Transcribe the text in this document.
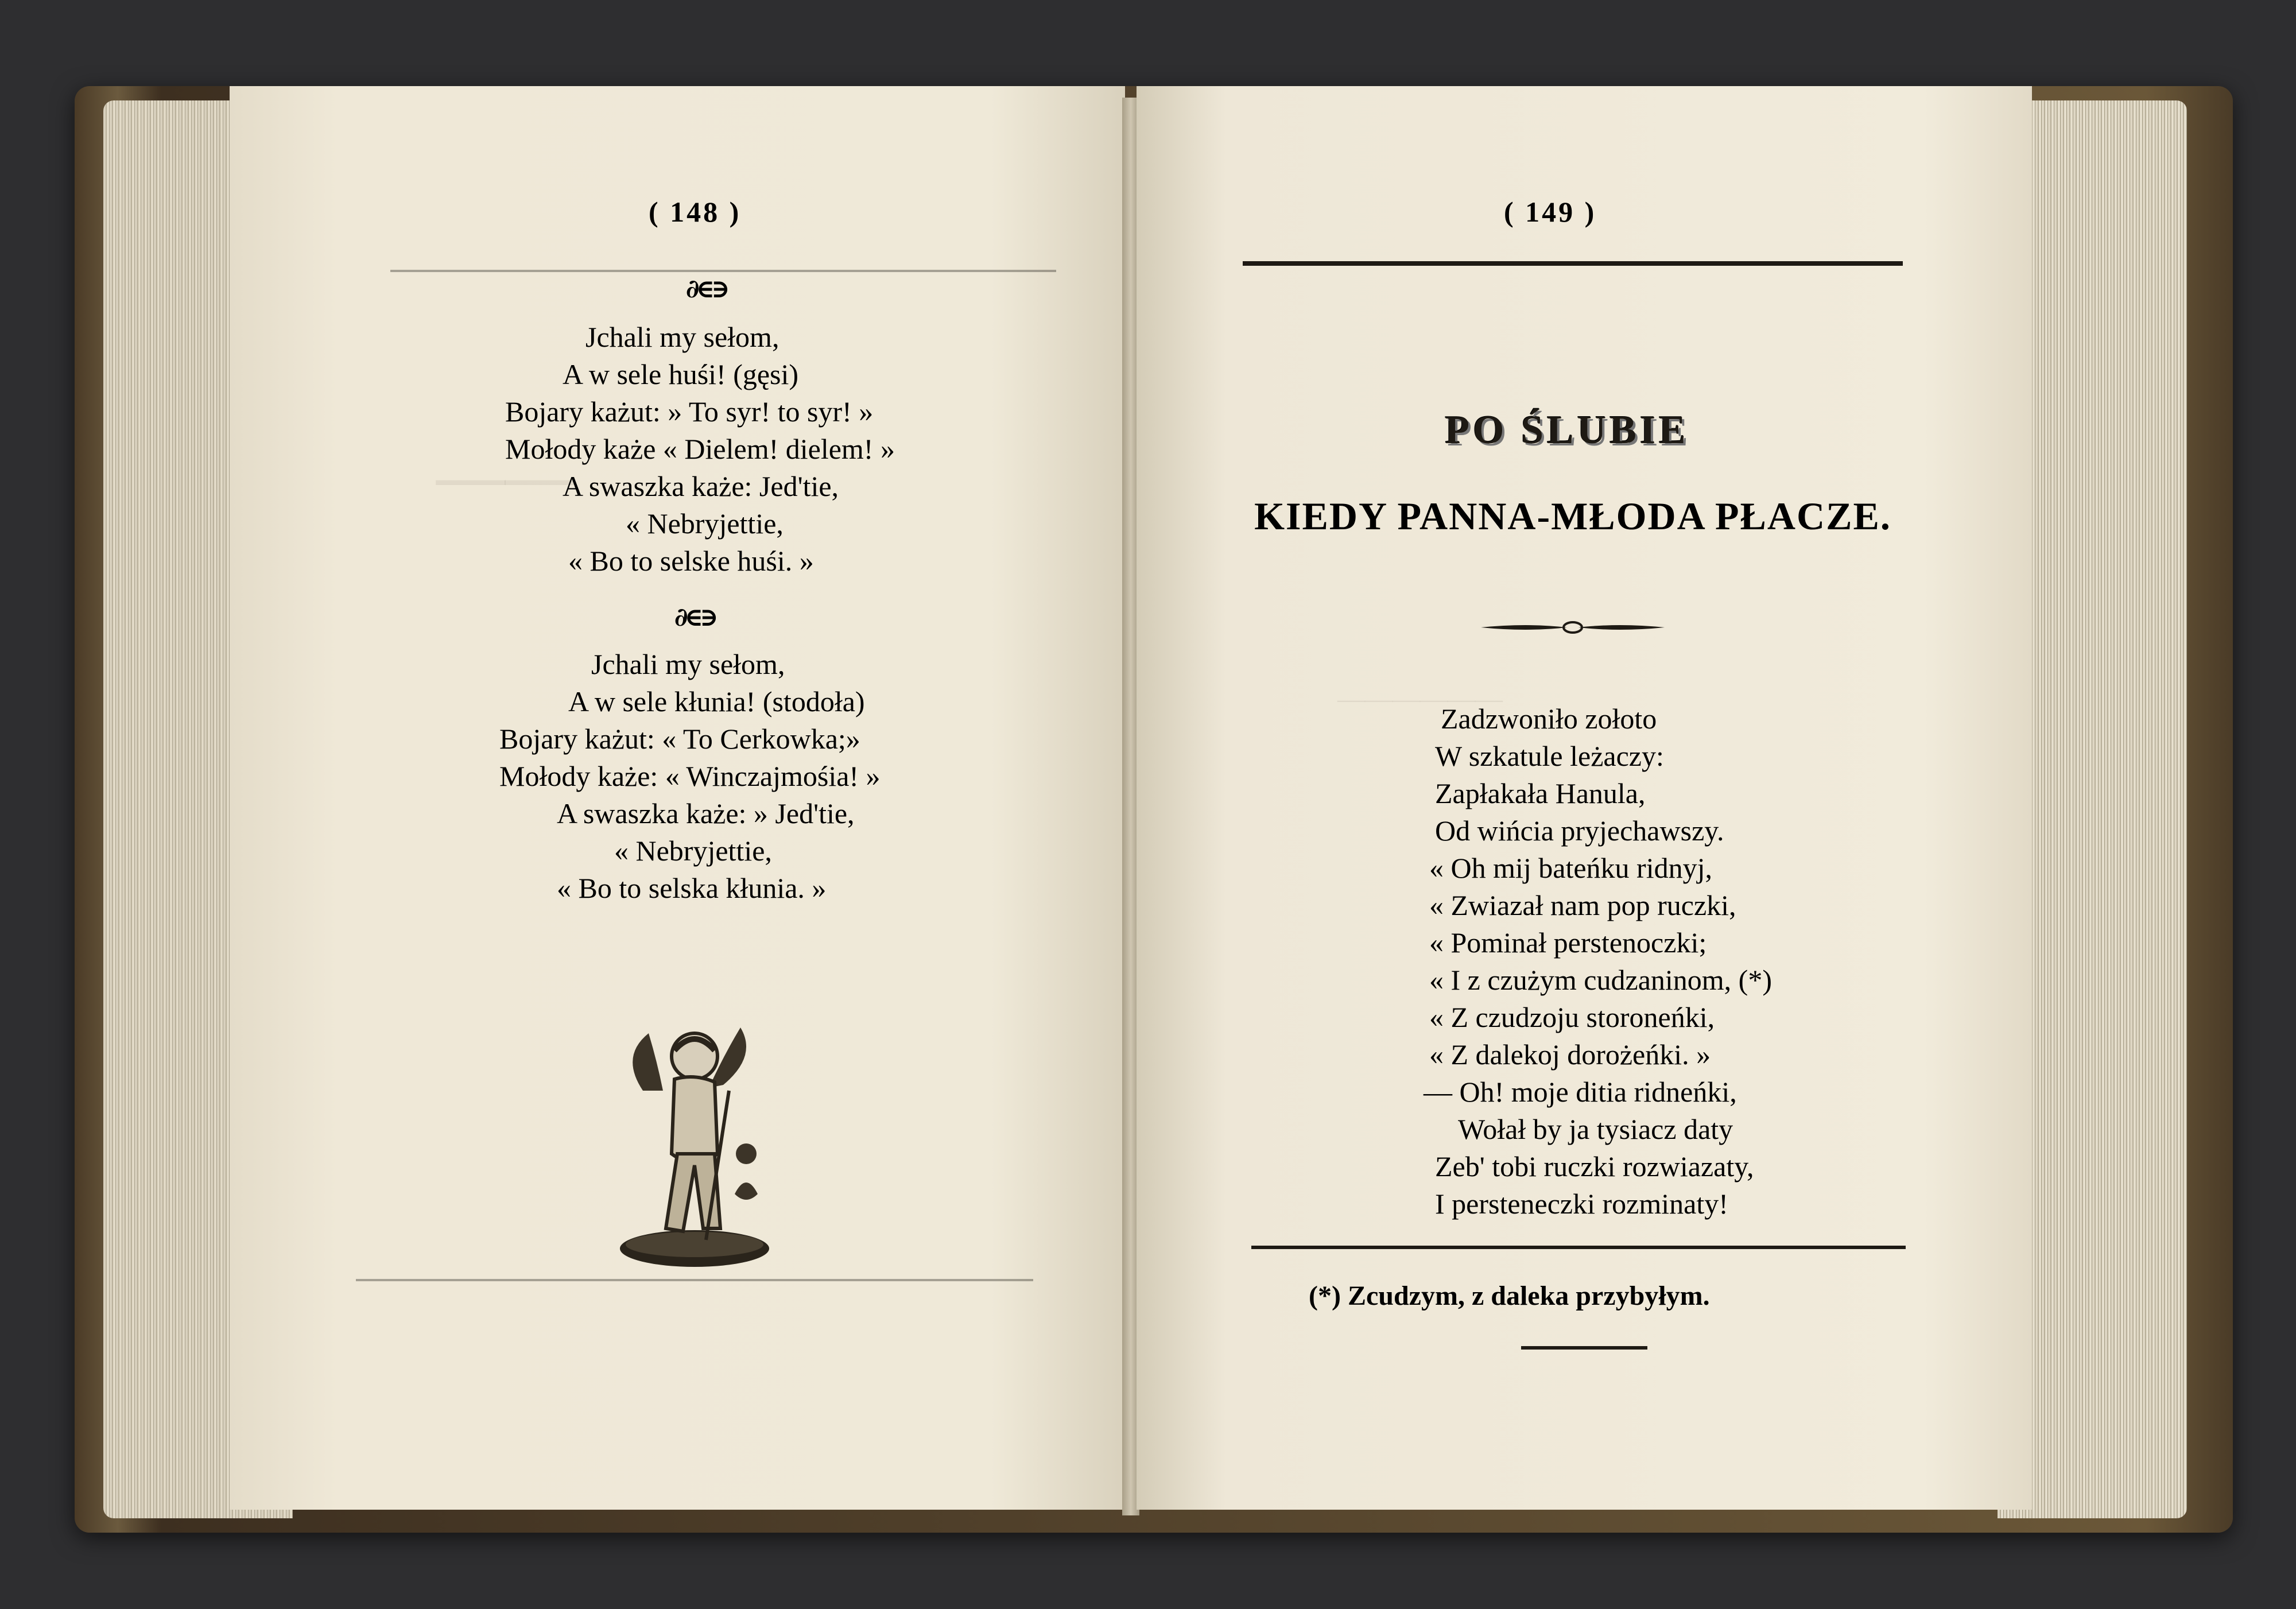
——
——————
( 148 )
∂∈∋
Jchali my sełom,
A w sele huśi! (gęsi)
Bojary każut: » To syr! to syr! »
Mołody każe « Dielem! dielem! »
A swaszka każe: Jed'tie,
« Nebryjettie,
« Bo to selske huśi. »
∂∈∋
Jchali my sełom,
A w sele kłunia! (stodoła)
Bojary każut: « To Cerkowka;»
Mołody każe: « Winczajmośia! »
A swaszka każe: » Jed'tie,
« Nebryjettie,
« Bo to selska kłunia. »
( 149 )
PO ŚLUBIE
KIEDY PANNA-MŁODA PŁACZE.
Zadzwoniło zołoto
W szkatule leżaczy:
Zapłakała Hanula,
Od wińcia pryjechawszy.
« Oh mij bateńku ridnyj,
« Zwiazał nam pop ruczki,
« Pominał perstenoczki;
« I z czużym cudzaninom, (*)
« Z czudzoju storoneńki,
« Z dalekoj dorożeńki. »
— Oh! moje ditia ridneńki,
Wołał by ja tysiacz daty
Zeb' tobi ruczki rozwiazaty,
I persteneczki rozminaty!
(*) Zcudzym, z daleka przybyłym.
